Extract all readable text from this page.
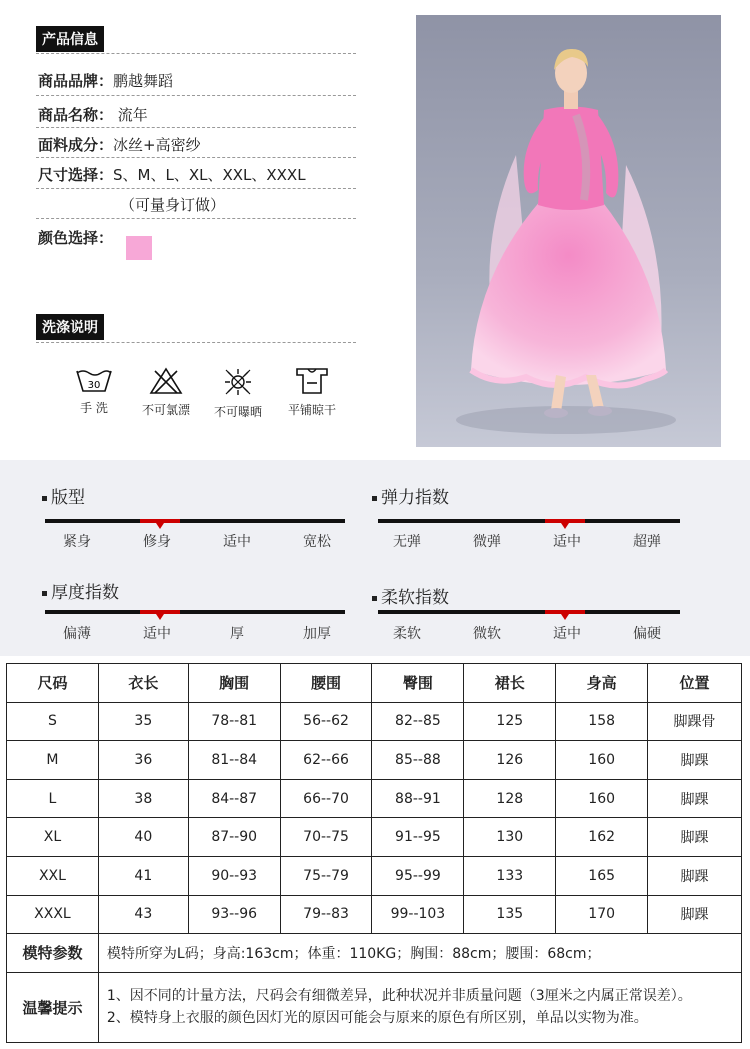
产品信息
商品品牌：鹏越舞蹈
商品名称： 流年
面料成分：冰丝+高密纱
尺寸选择：S、M、L、XL、XXL、XXXL
（可量身订做）
颜色选择：
洗涤说明
30
手 洗	不可氯漂	不可曝晒	平铺晾干
版型
紧身	修身	适中	宽松
弹力指数
无弹	微弹	适中	超弹
厚度指数
偏薄	适中	厚	加厚
柔软指数
柔软	微软	适中	偏硬
尺码	衣长	胸围	腰围	臀围	裙长	身高	位置
S	35	78--81	56--62	82--85	125	158	脚踝骨
M	36	81--84	62--66	85--88	126	160	脚踝
L	38	84--87	66--70	88--91	128	160	脚踝
XL	40	87--90	70--75	91--95	130	162	脚踝
XXL	41	90--93	75--79	95--99	133	165	脚踝
XXXL	43	93--96	79--83	99--103	135	170	脚踝
模特参数	模特所穿为L码；身高:163cm；体重：110KG；胸围：88cm；腰围：68cm；						
温馨提示	1、因不同的计量方法，尺码会有细微差异，此种状况并非质量问题（3厘米之内属正常误差）。
2、模特身上衣服的颜色因灯光的原因可能会与原来的原色有所区别，单品以实物为准。						
